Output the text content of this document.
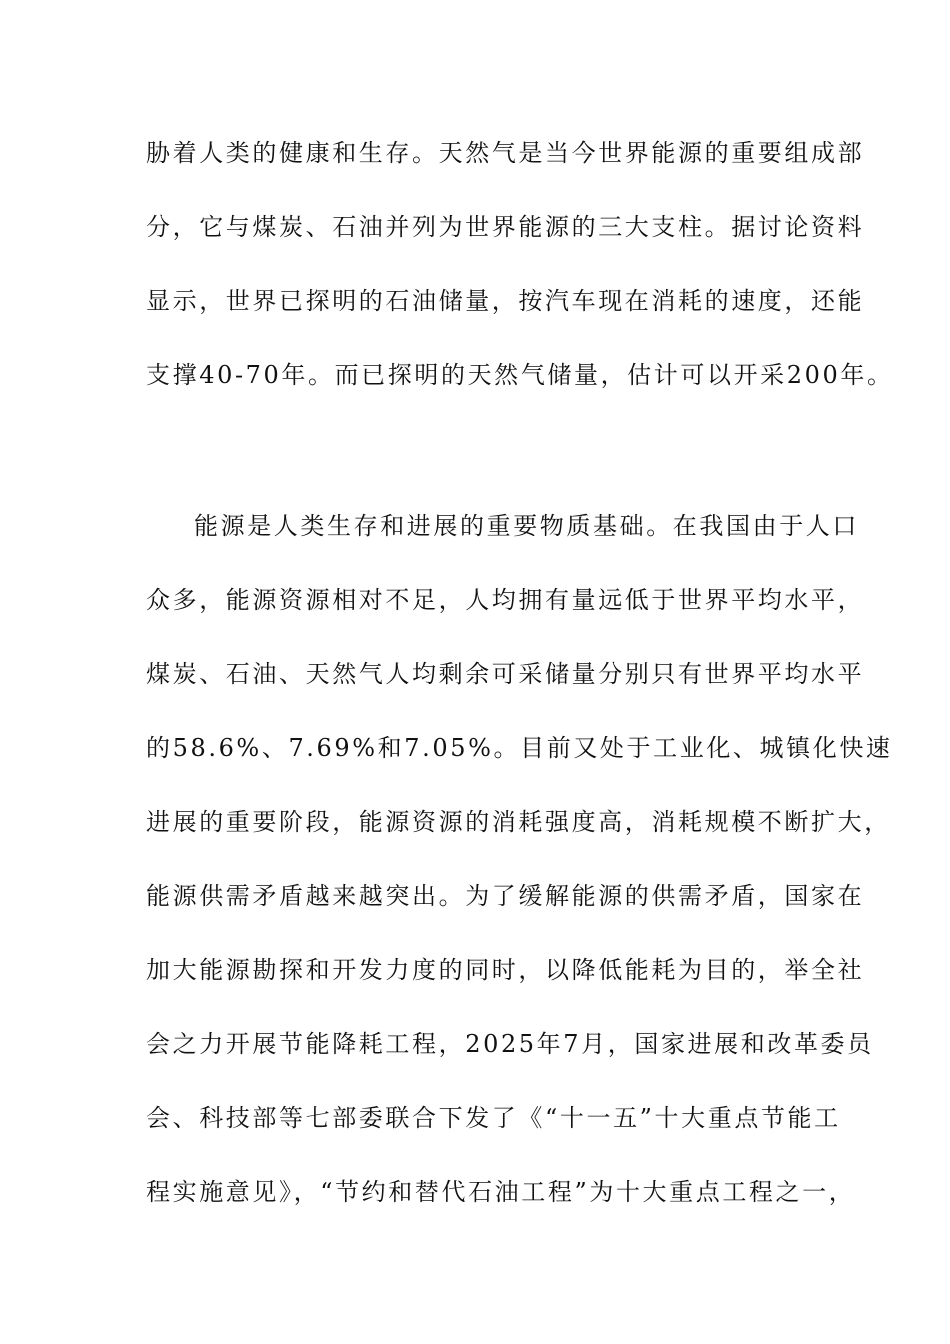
胁着人类的健康和生存。天然气是当今世界能源的重要组成部
分，它与煤炭、石油并列为世界能源的三大支柱。据讨论资料
显示，世界已探明的石油储量，按汽车现在消耗的速度，还能
支撑40-70年。而已探明的天然气储量，估计可以开采200年。
能源是人类生存和进展的重要物质基础。在我国由于人口
众多，能源资源相对不足，人均拥有量远低于世界平均水平，
煤炭、石油、天然气人均剩余可采储量分别只有世界平均水平
的58.6%、7.69%和7.05%。目前又处于工业化、城镇化快速
进展的重要阶段，能源资源的消耗强度高，消耗规模不断扩大，
能源供需矛盾越来越突出。为了缓解能源的供需矛盾，国家在
加大能源勘探和开发力度的同时，以降低能耗为目的，举全社
会之力开展节能降耗工程，2025年7月，国家进展和改革委员
会、科技部等七部委联合下发了《“十一五”十大重点节能工
程实施意见》，“节约和替代石油工程”为十大重点工程之一，
